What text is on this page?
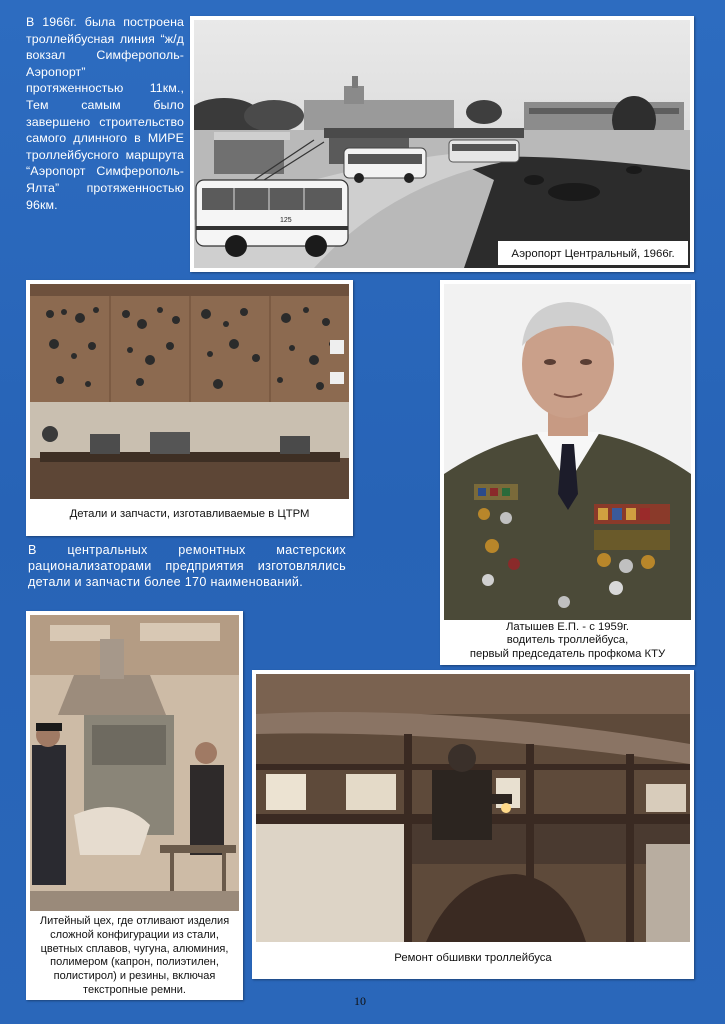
В 1966г. была построена троллейбусная линия “ж/д вокзал Симферополь-Аэропорт” протяженностью 11км., Тем самым было завершено строительство самого длинного в МИРЕ троллейбусного маршрута “Аэропорт Симферополь-Ялта” протяженностью 96км.
125
Аэропорт Центральный, 1966г.
Детали и запчасти, изготавливаемые в ЦТРМ
В центральных ремонтных мастерских рационализаторами предприятия изготовлялись детали и запчасти более 170 наименований.
Латышев Е.П. - с 1959г.
водитель троллейбуса,
первый председатель профкома КТУ
Литейный цех, где отливают изделия сложной конфигурации из стали, цветных сплавов, чугуна, алюминия, полимером (капрон, полиэтилен, полистирол) и резины, включая текстропные ремни.
Ремонт обшивки троллейбуса
10
